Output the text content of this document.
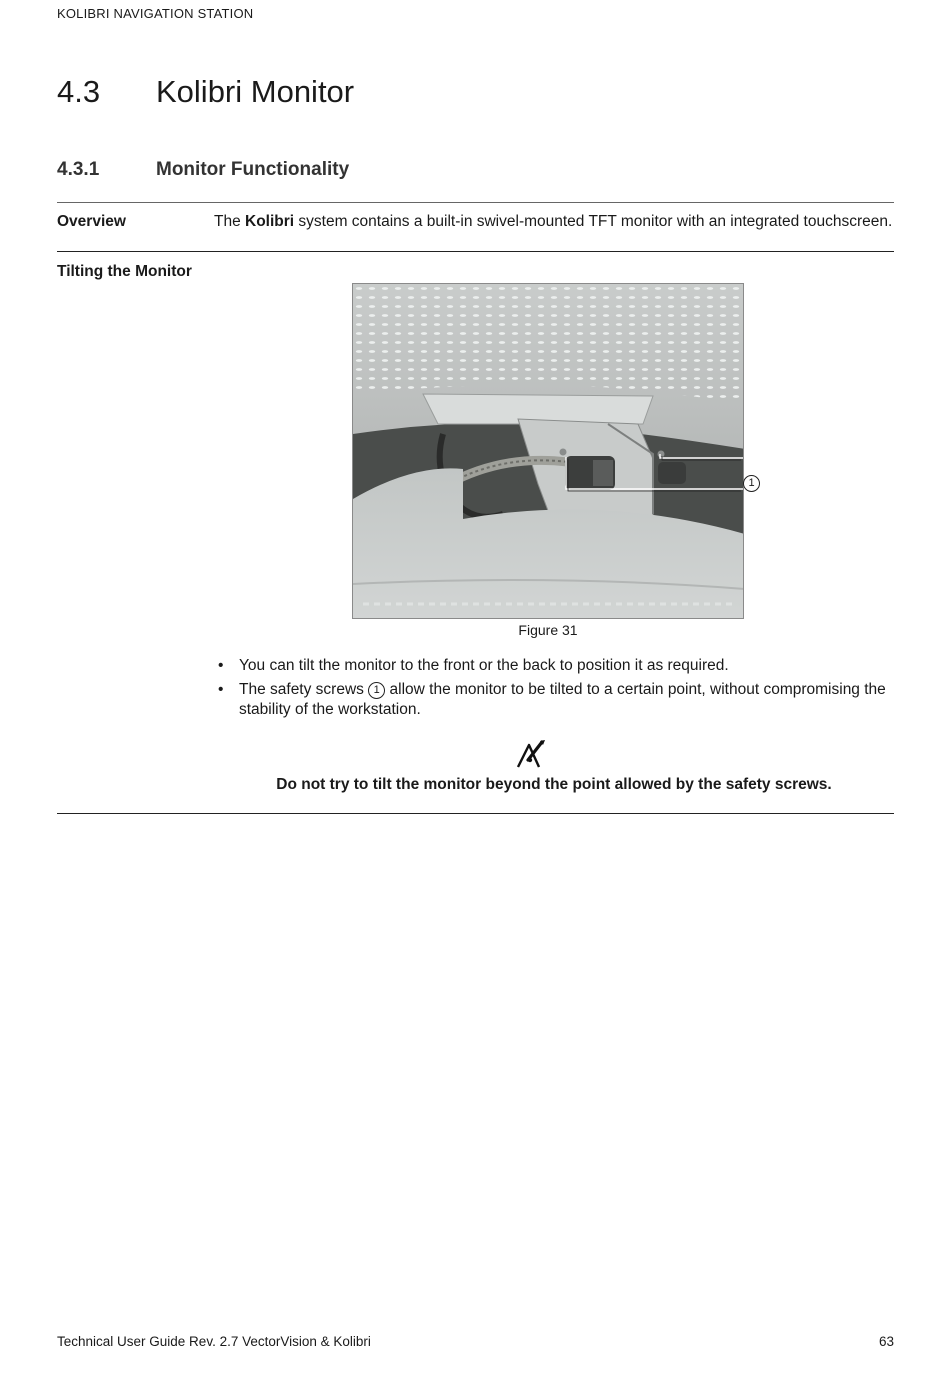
KOLIBRI NAVIGATION STATION
4.3 Kolibri Monitor
4.3.1	Monitor Functionality
Overview	The Kolibri system contains a built-in swivel-mounted TFT monitor with an integrated touchscreen.
Tilting the Monitor
1
Figure 31
• You can tilt the monitor to the front or the back to position it as required.
• The safety screws 1 allow the monitor to be tilted to a certain point, without compromising the stability of the workstation.
Do not try to tilt the monitor beyond the point allowed by the safety screws.
Technical User Guide Rev. 2.7 VectorVision & Kolibri	63
